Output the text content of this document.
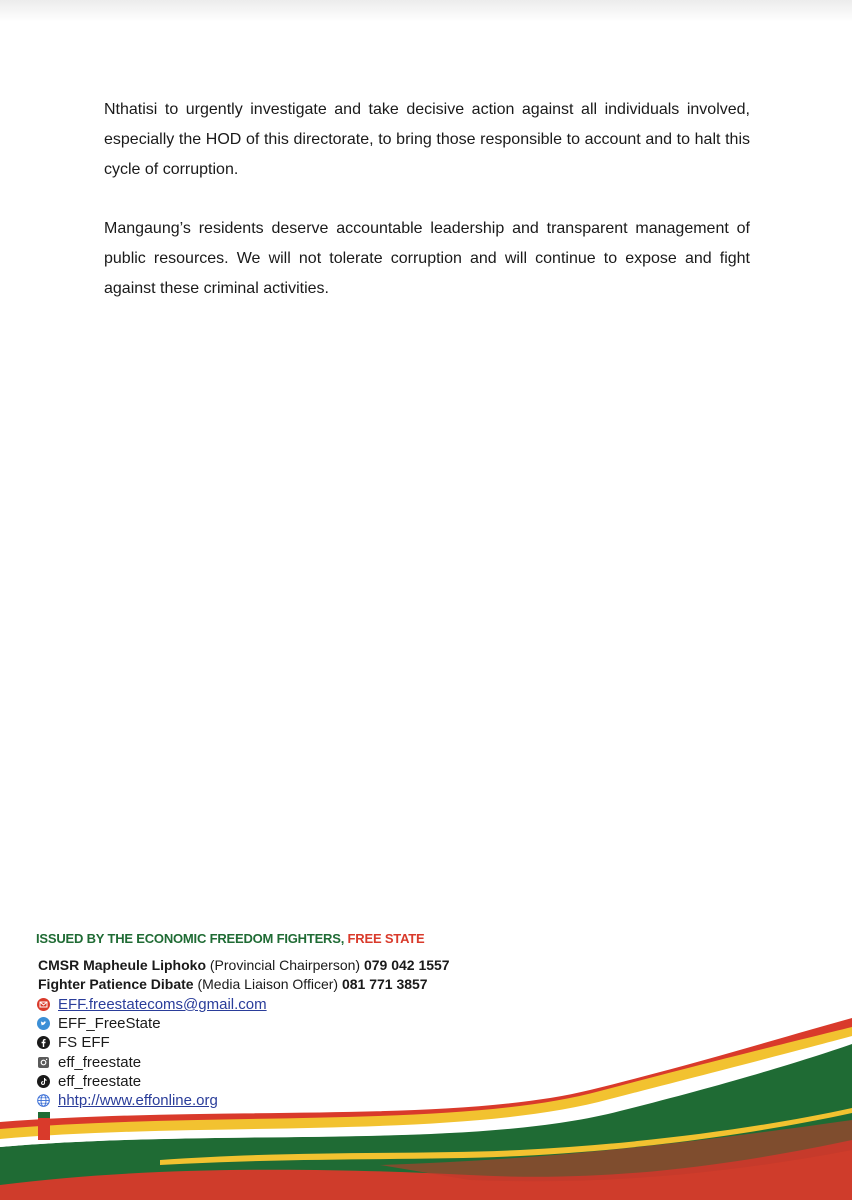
Nthatisi to urgently investigate and take decisive action against all individuals involved, especially the HOD of this directorate, to bring those responsible to account and to halt this cycle of corruption.

Mangaung’s residents deserve accountable leadership and transparent management of public resources. We will not tolerate corruption and will continue to expose and fight against these criminal activities.

ISSUED BY THE ECONOMIC FREEDOM FIGHTERS, FREE STATE
CMSR Mapheule Liphoko (Provincial Chairperson) 079 042 1557
Fighter Patience Dibate (Media Liaison Officer) 081 771 3857
EFF.freestatecoms@gmail.com
EFF_FreeState
FS EFF
eff_freestate
eff_freestate
hhtp://www.effonline.org
